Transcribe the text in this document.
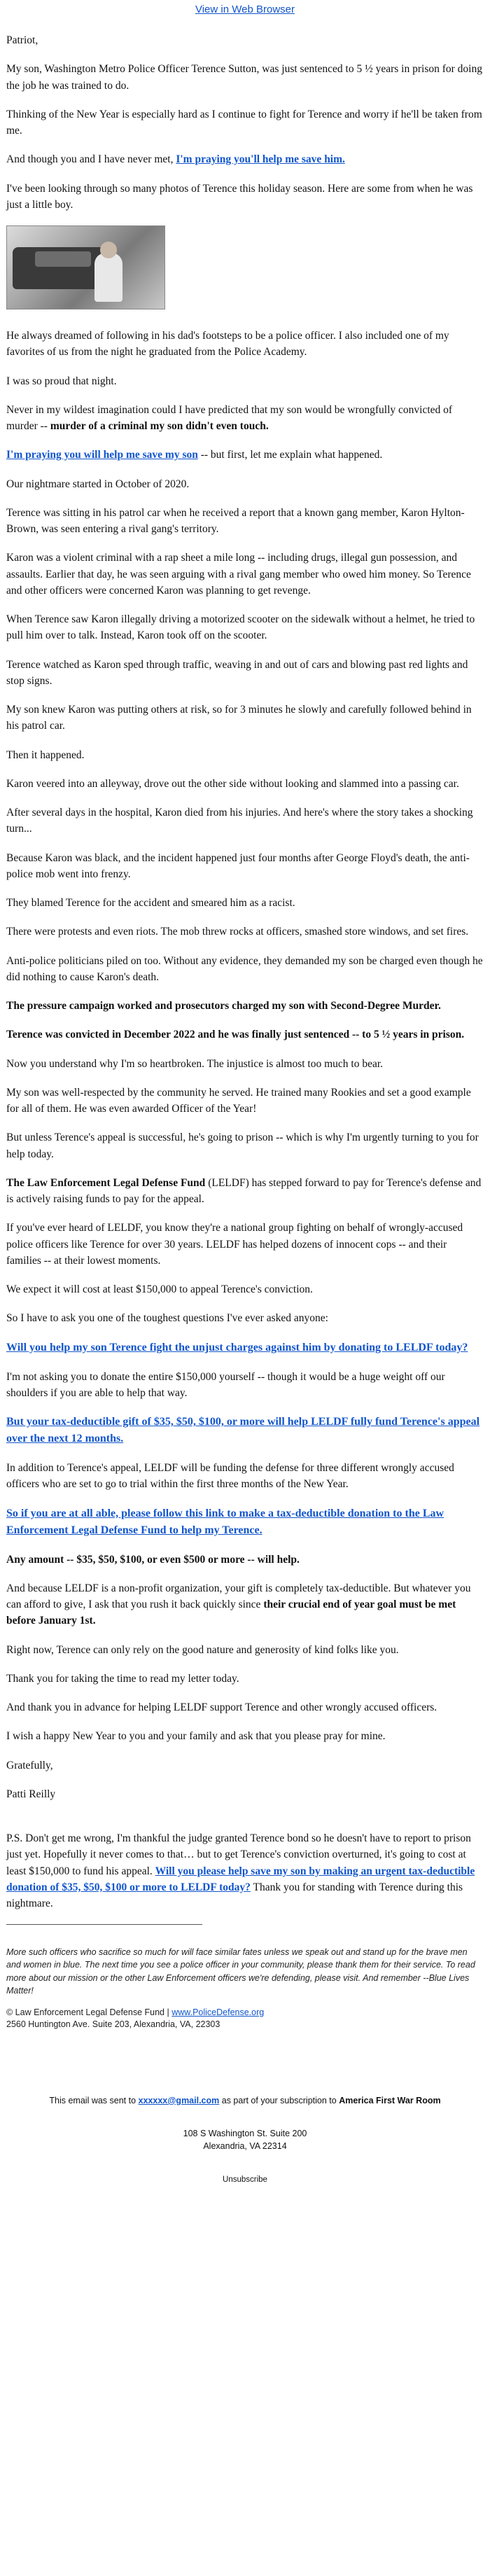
View in Web Browser

Patriot,

My son, Washington Metro Police Officer Terence Sutton, was just sentenced to 5 ½ years in prison for doing the job he was trained to do.

Thinking of the New Year is especially hard as I continue to fight for Terence and worry if he'll be taken from me.

And though you and I have never met, I'm praying you'll help me save him.

I've been looking through so many photos of Terence this holiday season. Here are some from when he was just a little boy.

He always dreamed of following in his dad's footsteps to be a police officer. I also included one of my favorites of us from the night he graduated from the Police Academy.

I was so proud that night.

Never in my wildest imagination could I have predicted that my son would be wrongfully convicted of murder -- murder of a criminal my son didn't even touch.

I'm praying you will help me save my son -- but first, let me explain what happened.

Our nightmare started in October of 2020.

Terence was sitting in his patrol car when he received a report that a known gang member, Karon Hylton-Brown, was seen entering a rival gang's territory.

Karon was a violent criminal with a rap sheet a mile long -- including drugs, illegal gun possession, and assaults. Earlier that day, he was seen arguing with a rival gang member who owed him money. So Terence and other officers were concerned Karon was planning to get revenge.

When Terence saw Karon illegally driving a motorized scooter on the sidewalk without a helmet, he tried to pull him over to talk. Instead, Karon took off on the scooter.

Terence watched as Karon sped through traffic, weaving in and out of cars and blowing past red lights and stop signs.

My son knew Karon was putting others at risk, so for 3 minutes he slowly and carefully followed behind in his patrol car.

Then it happened.

Karon veered into an alleyway, drove out the other side without looking and slammed into a passing car.

After several days in the hospital, Karon died from his injuries. And here's where the story takes a shocking turn...

Because Karon was black, and the incident happened just four months after George Floyd's death, the anti-police mob went into frenzy.

They blamed Terence for the accident and smeared him as a racist.

There were protests and even riots. The mob threw rocks at officers, smashed store windows, and set fires.

Anti-police politicians piled on too. Without any evidence, they demanded my son be charged even though he did nothing to cause Karon's death.

The pressure campaign worked and prosecutors charged my son with Second-Degree Murder.

Terence was convicted in December 2022 and he was finally just sentenced -- to 5 ½ years in prison.

Now you understand why I'm so heartbroken. The injustice is almost too much to bear.

My son was well-respected by the community he served. He trained many Rookies and set a good example for all of them. He was even awarded Officer of the Year!

But unless Terence's appeal is successful, he's going to prison -- which is why I'm urgently turning to you for help today.

The Law Enforcement Legal Defense Fund (LELDF) has stepped forward to pay for Terence's defense and is actively raising funds to pay for the appeal.

If you've ever heard of LELDF, you know they're a national group fighting on behalf of wrongly-accused police officers like Terence for over 30 years. LELDF has helped dozens of innocent cops -- and their families -- at their lowest moments.

We expect it will cost at least $150,000 to appeal Terence's conviction.

So I have to ask you one of the toughest questions I've ever asked anyone:

Will you help my son Terence fight the unjust charges against him by donating to LELDF today?

I'm not asking you to donate the entire $150,000 yourself -- though it would be a huge weight off our shoulders if you are able to help that way.

But your tax-deductible gift of $35, $50, $100, or more will help LELDF fully fund Terence's appeal over the next 12 months.

In addition to Terence's appeal, LELDF will be funding the defense for three different wrongly accused officers who are set to go to trial within the first three months of the New Year.

So if you are at all able, please follow this link to make a tax-deductible donation to the Law Enforcement Legal Defense Fund to help my Terence.

Any amount -- $35, $50, $100, or even $500 or more -- will help.

And because LELDF is a non-profit organization, your gift is completely tax-deductible. But whatever you can afford to give, I ask that you rush it back quickly since their crucial end of year goal must be met before January 1st.

Right now, Terence can only rely on the good nature and generosity of kind folks like you.

Thank you for taking the time to read my letter today.

And thank you in advance for helping LELDF support Terence and other wrongly accused officers.

I wish a happy New Year to you and your family and ask that you please pray for mine.

Gratefully,

Patti Reilly

P.S. Don't get me wrong, I'm thankful the judge granted Terence bond so he doesn't have to report to prison just yet. Hopefully it never comes to that… but to get Terence's conviction overturned, it's going to cost at least $150,000 to fund his appeal. Will you please help save my son by making an urgent tax-deductible donation of $35, $50, $100 or more to LELDF today? Thank you for standing with Terence during this nightmare.

More such officers who sacrifice so much for will face similar fates unless we speak out and stand up for the brave men and women in blue. The next time you see a police officer in your community, please thank them for their service. To read more about our mission or the other Law Enforcement officers we're defending, please visit. And remember --Blue Lives Matter!
© Law Enforcement Legal Defense Fund | www.PoliceDefense.org
2560 Huntington Ave. Suite 203, Alexandria, VA, 22303
This email was sent to xxxxxx@gmail.com as part of your subscription to America First War Room
108 S Washington St. Suite 200
Alexandria, VA 22314
Unsubscribe
